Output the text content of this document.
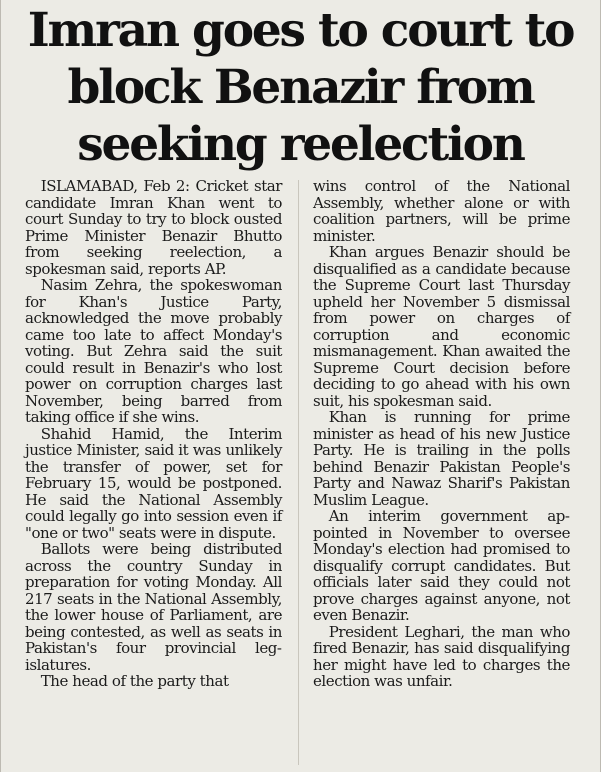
Imran goes to court to
block Benazir from
seeking reelection

ISLAMABAD, Feb 2: Cricket star candidate Imran Khan went to court Sunday to try to block ousted Prime Minister Benazir Bhutto from seeking reelection, a spokesman said, reports AP.

Nasim Zehra, the spokeswoman for Khan's Justice Party, acknowledged the move probably came too late to affect Monday's voting. But Zehra said the suit could result in Benazir's who lost power on corruption charges last November, being barred from taking office if she wins.

Shahid Hamid, the Interim justice Minister, said it was unlikely the transfer of power, set for February 15, would be postponed. He said the National Assembly could legally go into session even if "one or two" seats were in dispute.

Ballots were being distributed across the country Sunday in preparation for voting Monday. All 217 seats in the National Assembly, the lower house of Parliament, are being contested, as well as seats in Pakistan's four provincial legislatures.

The head of the party that

wins control of the National Assembly, whether alone or with coalition partners, will be prime minister.

Khan argues Benazir should be disqualified as a candidate because the Supreme Court last Thursday upheld her November 5 dismissal from power on charges of corruption and economic mismanagement. Khan awaited the Supreme Court decision before deciding to go ahead with his own suit, his spokesman said.

Khan is running for prime minister as head of his new Justice Party. He is trailing in the polls behind Benazir Pakistan People's Party and Nawaz Sharif's Pakistan Muslim League.

An interim government appointed in November to oversee Monday's election had promised to disqualify corrupt candidates. But officials later said they could not prove charges against anyone, not even Benazir.

President Leghari, the man who fired Benazir, has said disqualifying her might have led to charges the election was unfair.
